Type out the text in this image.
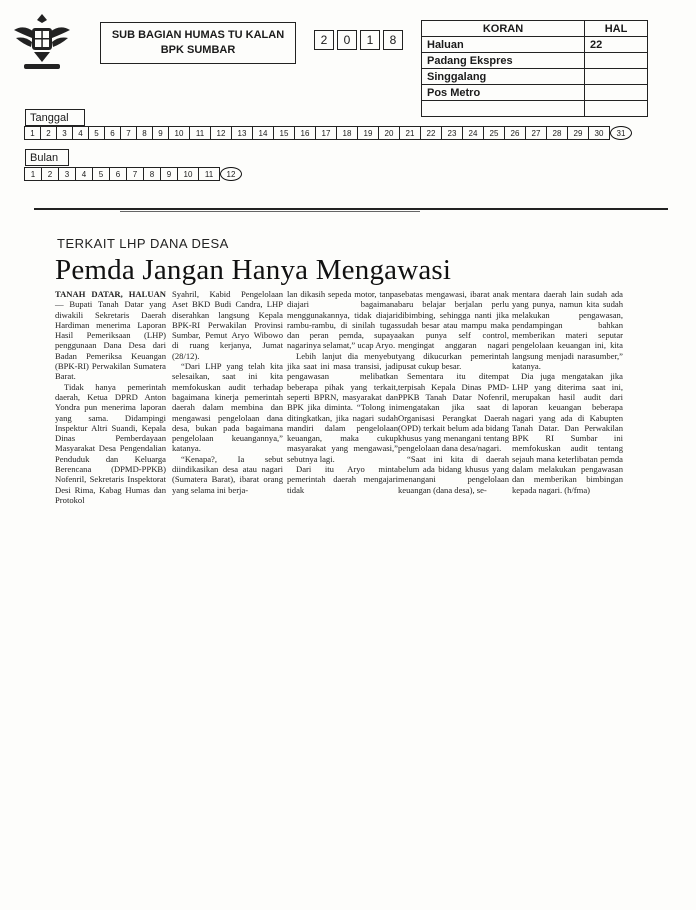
SUB BAGIAN HUMAS TU KALAN
BPK SUMBAR
2	0	1	8
KORAN	HAL
Haluan	22
Padang Ekspres	
Singgalang	
Pos Metro	

Tanggal
1	2	3	4	5	6	7	8	9	10	11	12	13	14	15	16	17	18	19	20	21	22	23	24	25	26	27	28	29	30	31
Bulan
1	2	3	4	5	6	7	8	9	10	11	12
TERKAIT LHP DANA DESA
Pemda Jangan Hanya Mengawasi

TANAH DATAR, HALUAN — Bupati Tanah Datar yang diwakili Sekretaris Daerah Hardiman menerima Laporan Hasil Pemeriksaan (LHP) penggunaan Dana Desa dari Badan Pemeriksa Keuangan (BPK-RI) Perwakilan Sumatera Barat.

Tidak hanya pemerintah daerah, Ketua DPRD Anton Yondra pun menerima laporan yang sama. Didampingi Inspektur Altri Suandi, Kepala Dinas Pemberdayaan Masyarakat Desa Pengendalian Penduduk dan Keluarga Berencana (DPMD-PPKB) Nofenril, Sekretaris Inspektorat Desi Rima, Kabag Humas dan Protokol

Syahril, Kabid Pengelolaan Aset BKD Budi Candra, LHP diserahkan langsung Kepala BPK-RI Perwakilan Provinsi Sumbar, Pemut Aryo Wibowo di ruang kerjanya, Jumat (28/12).

“Dari LHP yang telah kita selesaikan, saat ini kita memfokuskan audit terhadap bagaimana kinerja pemerintah daerah dalam membina dan mengawasi pengelolaan dana desa, bukan pada bagaimana pengelolaan keuangannya,” katanya.

“Kenapa?, Ia sebut diindikasikan desa atau nagari (Sumatera Barat), ibarat orang yang selama ini berja-

lan dikasih sepeda motor, tanpa diajari bagaimana menggunakannya, tidak diajari rambu-rambu, di sinilah tugas dan peran pemda, supaya nagarinya selamat,” ucap Aryo.

Lebih lanjut dia menyebut jika saat ini masa transisi, jadi pengawasan melibatkan beberapa pihak yang terkait, seperti BPRN, masyarakat dan BPK jika diminta. “Tolong ini ditingkatkan, jika nagari sudah mandiri dalam pengelolaan keuangan, maka cukup masyarakat yang mengawasi,” sebutnya lagi.

Dari itu Aryo minta pemerintah daerah mengajari tidak

sebatas mengawasi, ibarat anak baru belajar berjalan perlu dibimbing, sehingga nanti jika sudah besar atau mampu maka akan punya self control, mengingat anggaran nagari yang dikucurkan pemerintah pusat cukup besar.

Sementara itu ditempat terpisah Kepala Dinas PMD-PPKB Tanah Datar Nofenril, mengatakan jika saat di Organisasi Perangkat Daerah (OPD) terkait belum ada bidang khusus yang menangani tentang pengelolaan dana desa/nagari.

“Saat ini kita di daerah belum ada bidang khusus yang menangani pengelolaan keuangan (dana desa), se-

mentara daerah lain sudah ada yang punya, namun kita sudah melakukan pengawasan, pendampingan bahkan memberikan materi seputar pengelolaan keuangan ini, kita langsung menjadi narasumber,” katanya.

Dia juga mengatakan jika LHP yang diterima saat ini, merupakan hasil audit dari laporan keuangan beberapa nagari yang ada di Kabupten Tanah Datar. Dan Perwakilan BPK RI Sumbar ini memfokuskan audit tentang sejauh mana keterlibatan pemda dalam melakukan pengawasan dan memberikan bimbingan kepada nagari. (h/fma)
